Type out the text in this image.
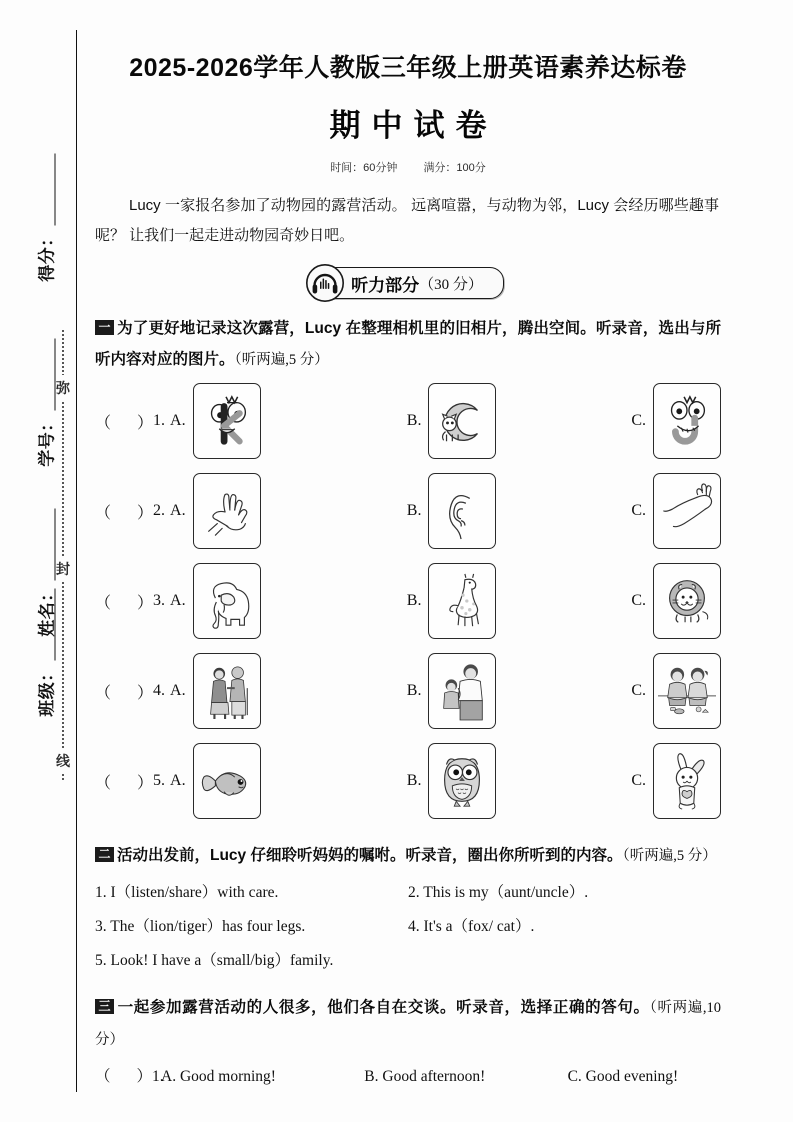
弥
封
线
得分：
学号：
姓名：
班级：
2025-2026学年人教版三年级上册英语素养达标卷
期中试卷
时间：60分钟 满分：100分
Lucy 一家报名参加了动物园的露营活动。 远离喧嚣，与动物为邻，Lucy 会经历哪些趣事呢？ 让我们一起走进动物园奇妙日吧。
听力部分 （30 分）
一 为了更好地记录这次露营，Lucy 在整理相机里的旧相片，腾出空间。听录音，选出与所听内容对应的图片。（听两遍,5 分）
（ ） 1. A.	B.	C.
（ ） 2. A.	B.	C.
（ ） 3. A.	B.	C.
（ ） 4. A.	B.	C.
（ ） 5. A.	B.	C.
二 活动出发前，Lucy 仔细聆听妈妈的嘱咐。听录音，圈出你所听到的内容。（听两遍,5 分）
1. I（listen/share）with care.	2. This is my（aunt/uncle）.
3. The（lion/tiger）has four legs.	4. It's a（fox/ cat）.
5. Look! I have a（small/big）family.
三 一起参加露营活动的人很多，他们各自在交谈。听录音，选择正确的答句。（听两遍,10 分）
（ ）1.
A. Good morning!	B. Good afternoon!	C. Good evening!
